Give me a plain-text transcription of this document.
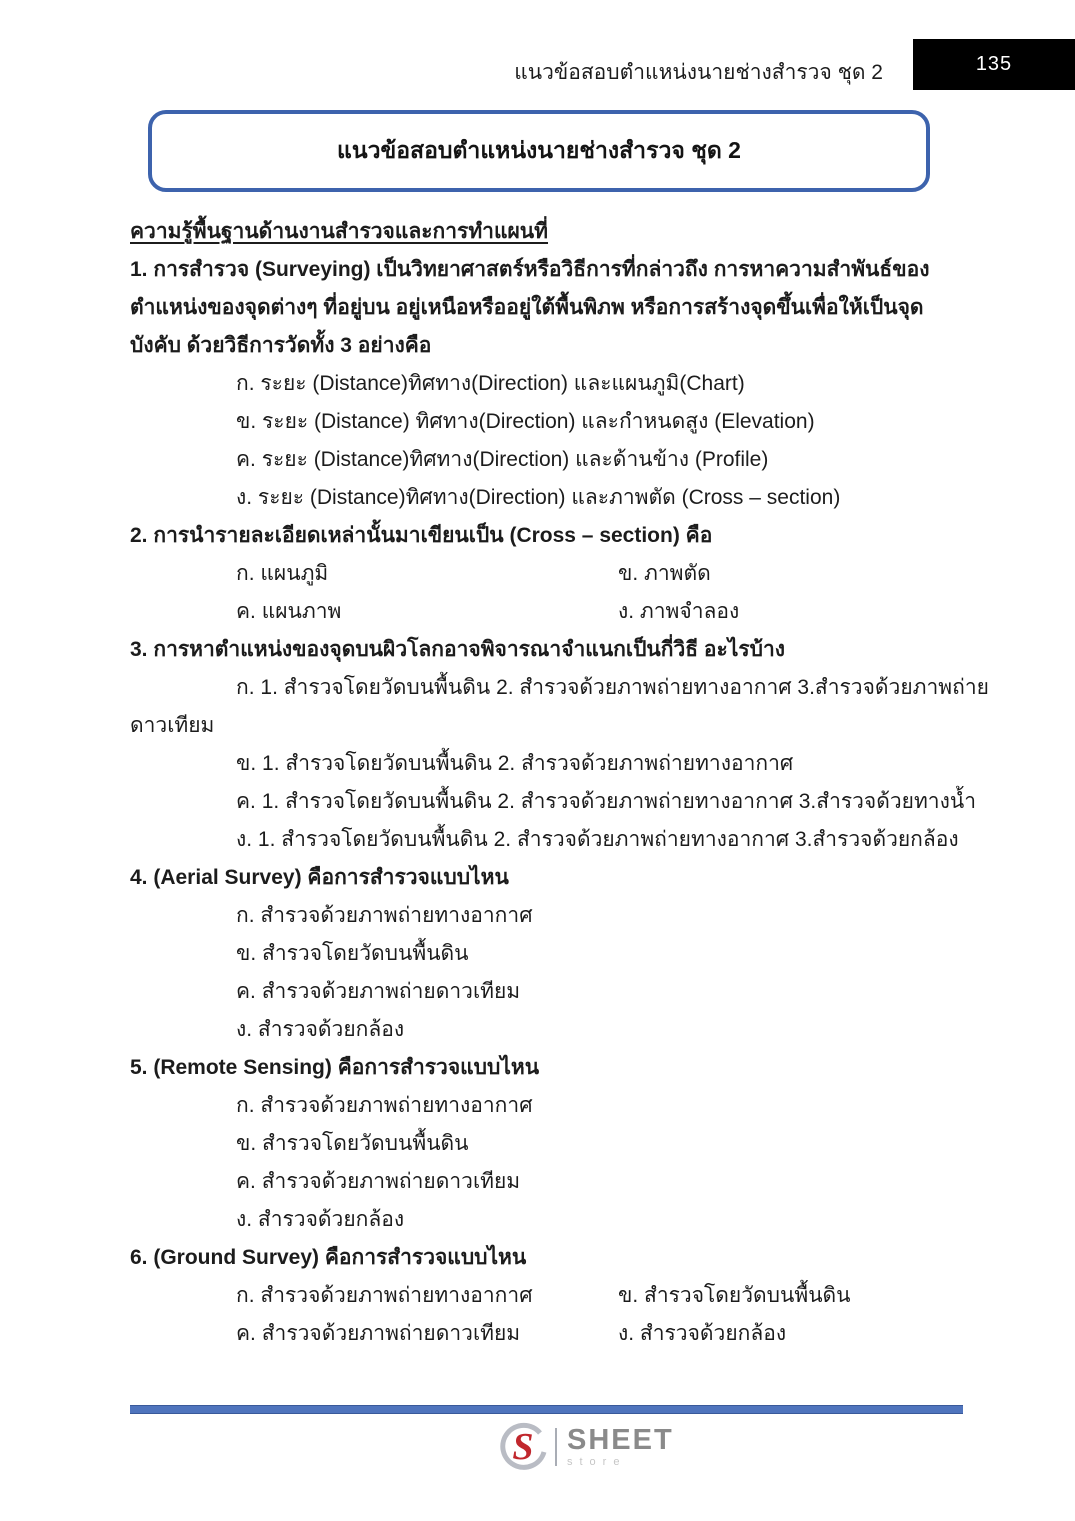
แนวข้อสอบตำแหน่งนายช่างสำรวจ ชุด 2	135
แนวข้อสอบตำแหน่งนายช่างสำรวจ ชุด 2
ความรู้พื้นฐานด้านงานสำรวจและการทำแผนที่
1. การสำรวจ (Surveying) เป็นวิทยาศาสตร์หรือวิธีการที่กล่าวถึง การหาความสำพันธ์ของ
ตำแหน่งของจุดต่างๆ ที่อยู่บน อยู่เหนือหรืออยู่ใต้พื้นพิภพ หรือการสร้างจุดขึ้นเพื่อให้เป็นจุด
บังคับ ด้วยวิธีการวัดทั้ง 3 อย่างคือ
ก. ระยะ (Distance)ทิศทาง(Direction) และแผนภูมิ(Chart)
ข. ระยะ (Distance) ทิศทาง(Direction) และกำหนดสูง (Elevation)
ค. ระยะ (Distance)ทิศทาง(Direction) และด้านข้าง (Profile)
ง. ระยะ (Distance)ทิศทาง(Direction) และภาพตัด (Cross – section)
2. การนำรายละเอียดเหล่านั้นมาเขียนเป็น (Cross – section) คือ
ก. แผนภูมิ	ข. ภาพตัด
ค. แผนภาพ	ง. ภาพจำลอง
3. การหาตำแหน่งของจุดบนผิวโลกอาจพิจารณาจำแนกเป็นกี่วิธี อะไรบ้าง
ก. 1. สำรวจโดยวัดบนพื้นดิน 2. สำรวจด้วยภาพถ่ายทางอากาศ 3.สำรวจด้วยภาพถ่าย
ดาวเทียม
ข. 1. สำรวจโดยวัดบนพื้นดิน 2. สำรวจด้วยภาพถ่ายทางอากาศ
ค. 1. สำรวจโดยวัดบนพื้นดิน 2. สำรวจด้วยภาพถ่ายทางอากาศ 3.สำรวจด้วยทางน้ำ
ง. 1. สำรวจโดยวัดบนพื้นดิน 2. สำรวจด้วยภาพถ่ายทางอากาศ 3.สำรวจด้วยกล้อง
4. (Aerial Survey) คือการสำรวจแบบไหน
ก. สำรวจด้วยภาพถ่ายทางอากาศ
ข. สำรวจโดยวัดบนพื้นดิน
ค. สำรวจด้วยภาพถ่ายดาวเทียม
ง. สำรวจด้วยกล้อง
5. (Remote Sensing) คือการสำรวจแบบไหน
ก. สำรวจด้วยภาพถ่ายทางอากาศ
ข. สำรวจโดยวัดบนพื้นดิน
ค. สำรวจด้วยภาพถ่ายดาวเทียม
ง. สำรวจด้วยกล้อง
6. (Ground Survey) คือการสำรวจแบบไหน
ก. สำรวจด้วยภาพถ่ายทางอากาศ	ข. สำรวจโดยวัดบนพื้นดิน
ค. สำรวจด้วยภาพถ่ายดาวเทียม	ง. สำรวจด้วยกล้อง
S SHEET
store
